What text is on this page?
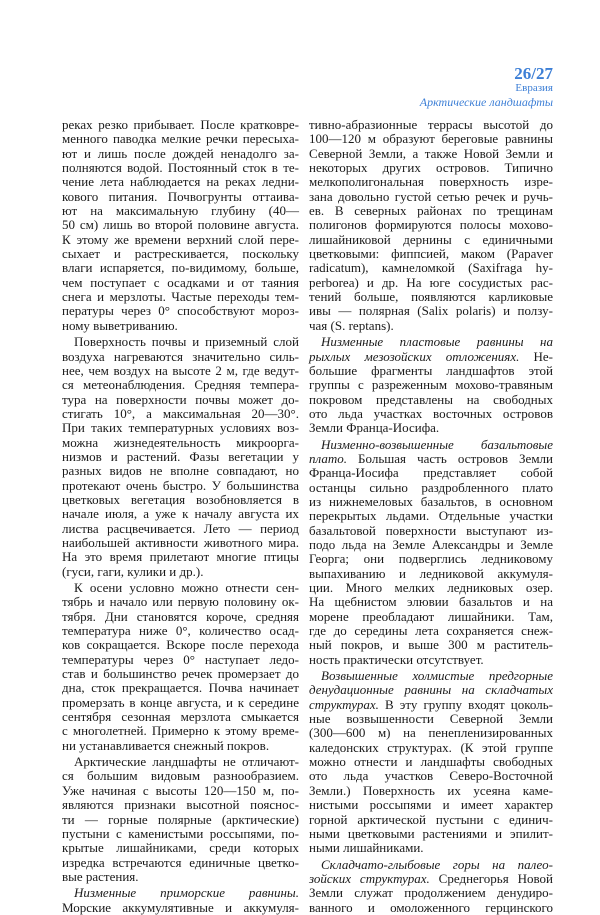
26/27
Евразия
Арктические ландшафты
реках резко прибывает. После кратковре-
менного паводка мелкие речки пересыха-
ют и лишь после дождей ненадолго за-
полняются водой. Постоянный сток в те-
чение лета наблюдается на реках ледни-
кового питания. Почвогрунты оттаива-
ют на максимальную глубину (40—
50 см) лишь во второй половине августа.
К этому же времени верхний слой пере-
сыхает и растрескивается, поскольку
влаги испаряется, по-видимому, больше,
чем поступает с осадками и от таяния
снега и мерзлоты. Частые переходы тем-
пературы через 0° способствуют мороз-
ному выветриванию.
Поверхность почвы и приземный слой
воздуха нагреваются значительно силь-
нее, чем воздух на высоте 2 м, где ведут-
ся метеонаблюдения. Средняя темпера-
тура на поверхности почвы может до-
стигать 10°, а максимальная 20—30°.
При таких температурных условиях воз-
можна жизнедеятельность микроорга-
низмов и растений. Фазы вегетации у
разных видов не вполне совпадают, но
протекают очень быстро. У большинства
цветковых вегетация возобновляется в
начале июля, а уже к началу августа их
листва расцвечивается. Лето — период
наибольшей активности животного мира.
На это время прилетают многие птицы
(гуси, гаги, кулики и др.).
К осени условно можно отнести сен-
тябрь и начало или первую половину ок-
тября. Дни становятся короче, средняя
температура ниже 0°, количество осад-
ков сокращается. Вскоре после перехода
температуры через 0° наступает ледо-
став и большинство речек промерзает до
дна, сток прекращается. Почва начинает
промерзать в конце августа, и к середине
сентября сезонная мерзлота смыкается
с многолетней. Примерно к этому време-
ни устанавливается снежный покров.
Арктические ландшафты не отличают-
ся большим видовым разнообразием.
Уже начиная с высоты 120—150 м, по-
являются признаки высотной пояснос-
ти — горные полярные (арктические)
пустыни с каменистыми россыпями, по-
крытые лишайниками, среди которых
изредка встречаются единичные цветко-
вые растения.
Низменные приморские равнины.
Морские аккумулятивные и аккумуля-
тивно-абразионные террасы высотой до
100—120 м образуют береговые равнины
Северной Земли, а также Новой Земли и
некоторых других островов. Типично
мелкополигональная поверхность изре-
зана довольно густой сетью речек и ручь-
ев. В северных районах по трещинам
полигонов формируются полосы мохово-
лишайниковой дернины с единичными
цветковыми: фиппсией, маком (Papaver
radicatum), камнеломкой (Saxifraga hy-
perborea) и др. На юге сосудистых рас-
тений больше, появляются карликовые
ивы — полярная (Salix polaris) и ползу-
чая (S. reptans).
Низменные пластовые равнины на
рыхлых мезозойских отложениях. Не-
большие фрагменты ландшафтов этой
группы с разреженным мохово-травяным
покровом представлены на свободных
ото льда участках восточных островов
Земли Франца-Иосифа.
Низменно-возвышенные базальтовые
плато. Большая часть островов Земли
Франца-Иосифа представляет собой
останцы сильно раздробленного плато
из нижнемеловых базальтов, в основном
перекрытых льдами. Отдельные участки
базальтовой поверхности выступают из-
подо льда на Земле Александры и Земле
Георга; они подверглись ледниковому
выпахиванию и ледниковой аккумуля-
ции. Много мелких ледниковых озер.
На щебнистом элювии базальтов и на
морене преобладают лишайники. Там,
где до середины лета сохраняется снеж-
ный покров, и выше 300 м раститель-
ность практически отсутствует.
Возвышенные холмистые предгорные
денудационные равнины на складчатых
структурах. В эту группу входят цоколь-
ные возвышенности Северной Земли
(300—600 м) на пенепленизированных
каледонских структурах. (К этой группе
можно отнести и ландшафты свободных
ото льда участков Северо-Восточной
Земли.) Поверхность их усеяна каме-
нистыми россыпями и имеет характер
горной арктической пустыни с единич-
ными цветковыми растениями и эпилит-
ными лишайниками.
Складчато-глыбовые горы на палео-
зойских структурах. Среднегорья Новой
Земли служат продолжением денудиро-
ванного и омоложенного герцинского
